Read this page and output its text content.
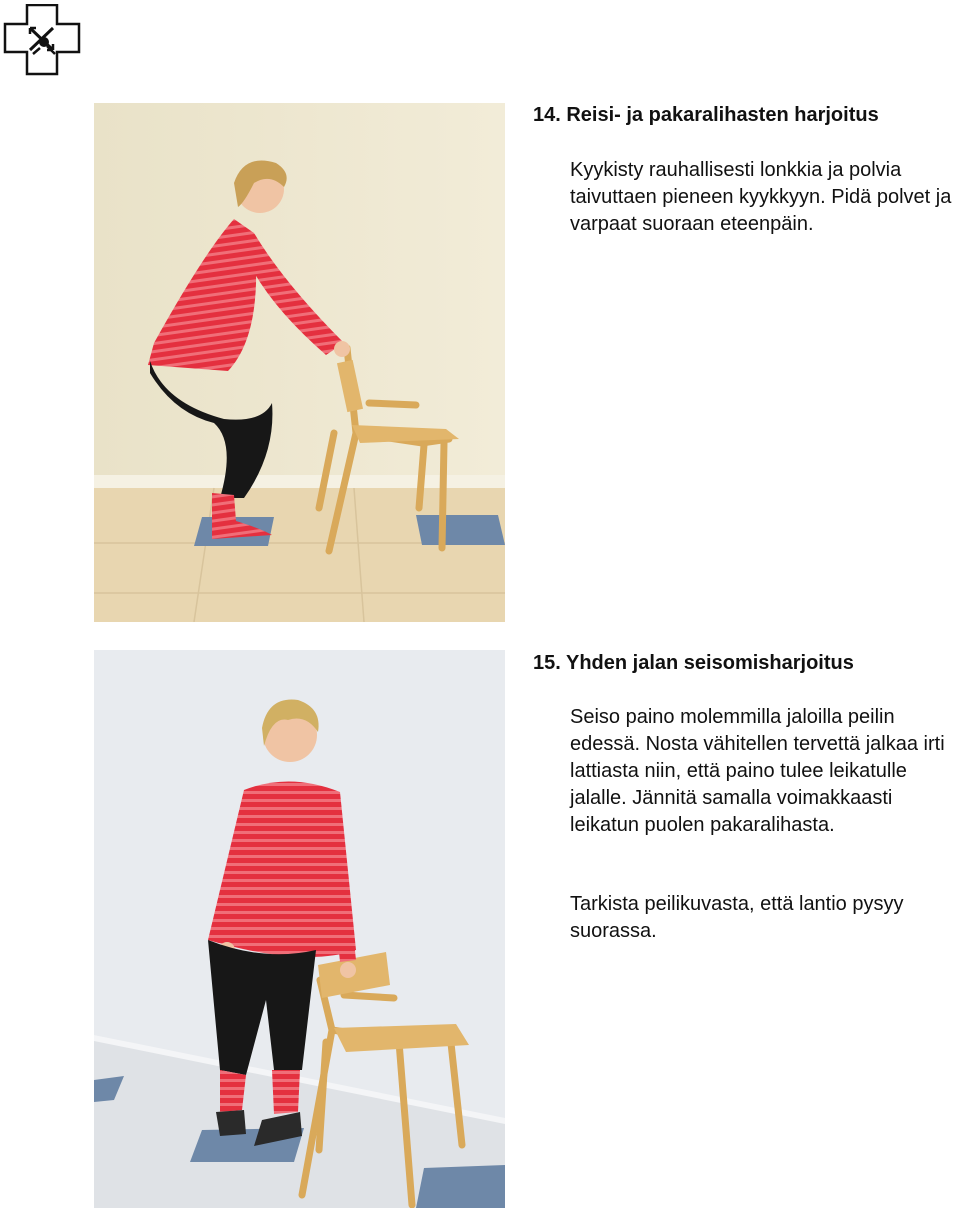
14. Reisi- ja pakaralihasten harjoitus

Kyykisty rauhallisesti lonkkia ja polvia taivuttaen pieneen kyykkyyn. Pidä polvet ja varpaat suoraan eteenpäin.

15. Yhden jalan seisomisharjoitus

Seiso paino molemmilla jaloilla peilin edessä. Nosta vähitellen tervettä jalkaa irti lattiasta niin, että paino tulee leikatulle jalalle. Jännitä samalla voimakkaasti leikatun puolen pakaralihasta.

Tarkista peilikuvasta, että lantio pysyy suorassa.
